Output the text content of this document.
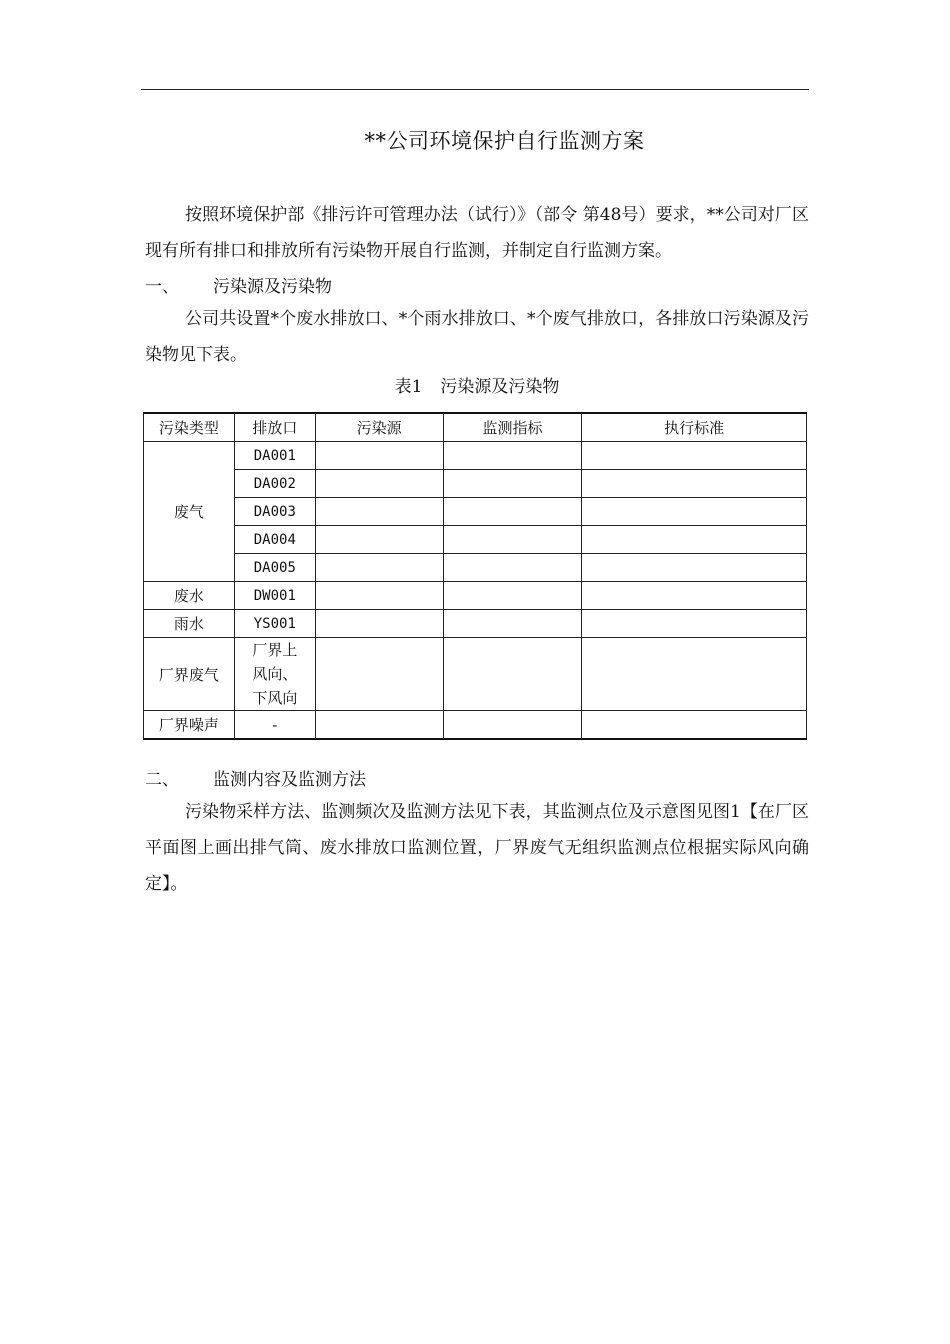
**公司环境保护自行监测方案
按照环境保护部《排污许可管理办法（试行）》（部令 第48号）要求，**公司对厂区现有所有排口和排放所有污染物开展自行监测，并制定自行监测方案。
一、 污染源及污染物
公司共设置*个废水排放口、*个雨水排放口、*个废气排放口，各排放口污染源及污染物见下表。
表1 污染源及污染物
污染类型	排放口	污染源	监测指标	执行标准
废气	DA001			
	DA002			
	DA003			
	DA004			
	DA005			
废水	DW001			
雨水	YS001			
厂界废气	厂界上风向、下风向			

厂界噪声	-			
二、 监测内容及监测方法
污染物采样方法、监测频次及监测方法见下表，其监测点位及示意图见图1【在厂区平面图上画出排气筒、废水排放口监测位置，厂界废气无组织监测点位根据实际风向确定】。
